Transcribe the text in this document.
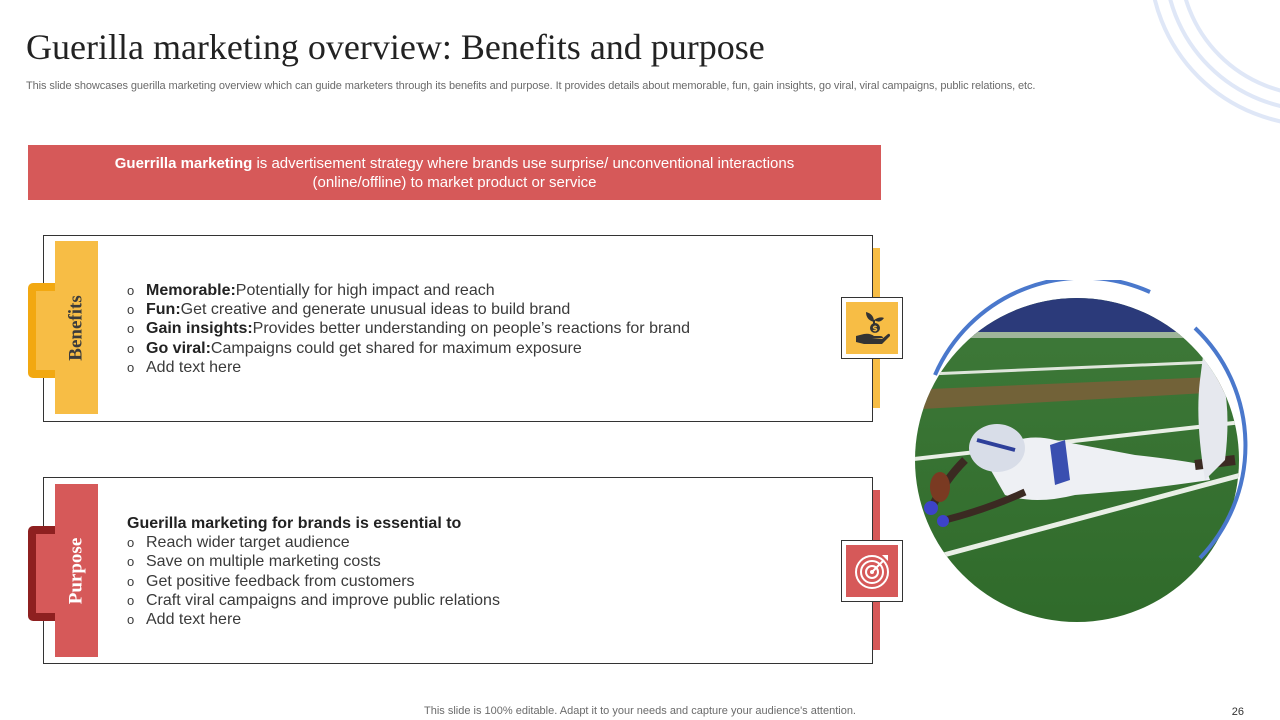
Guerilla marketing overview: Benefits and purpose
This slide showcases guerilla marketing overview which can guide marketers through its benefits and purpose. It provides details about memorable, fun, gain insights, go viral, viral campaigns, public relations, etc.
Guerrilla marketing is advertisement strategy where brands use surprise/ unconventional interactions
(online/offline) to market product or service
Benefits
o Memorable: Potentially for high impact and reach
o Fun: Get creative and generate unusual ideas to build brand
o Gain insights: Provides better understanding on people’s reactions for brand
o Go viral: Campaigns could get shared for maximum exposure
o Add text here
$
Purpose
Guerilla marketing for brands is essential to
o Reach wider target audience
o Save on multiple marketing costs
o Get positive feedback from customers
o Craft viral campaigns and improve public relations
o Add text here
This slide is 100% editable. Adapt it to your needs and capture your audience's attention.	26
